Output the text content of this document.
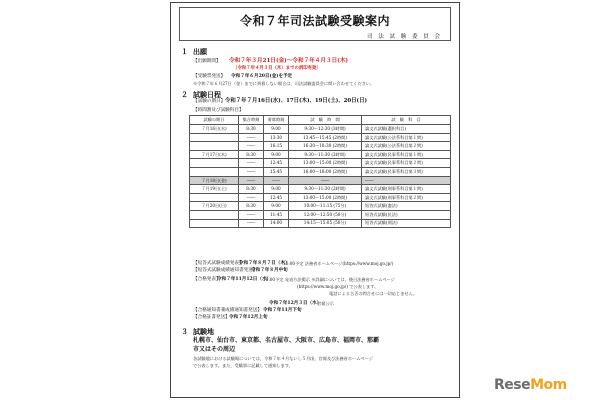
令和７年司法試験受験案内
司 法 試 験 委 員 会
１ 出願
【出願期間】 令和７年３月21日(金)～令和７年４月３日(木)
〔令和７年４月３日（木）までの消印有効〕
【受験票発送】 令和７年６月20日(金)を予定
※令和７年６月27日（金）までに到着しない場合は，司法試験委員会に問い合わせてください。
２ 試験日程
【試験の期日】 令和７年７月16日(水)、17日(木)、19日(土)、20日(日)
【時間割及び試験科目】
試験の期日	集合時刻	着席時刻	試　験　時　間	試　験　科　目
７月16日(水)	8:30	9:00	9:30～12:30 (3時間)	論文式試験(選択科目)
	――	13:30	13:45～15:45 (2時間)	論文式試験(公法系科目第１問)
	――	16:15	16:30～18:30 (2時間)	論文式試験(公法系科目第２問)
７月17日(木)	8:30	9:00	9:30～11:30 (2時間)	論文式試験(民事系科目第１問)
	――	12:45	13:00～15:00 (2時間)	論文式試験(民事系科目第２問)
	――	15:45	16:00～18:00 (2時間)	論文式試験(民事系科目第３問)
７月18日(金)	――	――	――	――
７月19日(土)	8:30	9:00	9:30～11:30 (2時間)	論文式試験(刑事系科目第１問)
	――	12:45	13:00～15:00 (2時間)	論文式試験(刑事系科目第２問)
７月20日(日)	8:30	9:00	10:00～11:15 (75分)	短答式試験(憲法)
	――	11:45	12:00～12:50 (50分)	短答式試験(民法)
	――	14:00	14:15～15:05 (50分)	短答式試験(刑法)
【短答式試験成績発表】
令和７年８月７日（木）
16:00予定 法務省ホームページ(https://www.moj.go.jp/)
【短答式試験成績通知書発送】
令和７年８月中旬
【合格発表】
令和７年11月12日（水）
16:00予定 発表方法掲示 ※詳細については，後日法務省ホームページ
(https://www.moj.go.jp/) で公表します。
電話による合否の問合せには一切応じません。
令和７年12月３日（水）
官報公示
【合格通知書兼成績通知書発送】 令和７年11月下旬
【合格証書発送】 令和７年12月上旬
３ 試験地
札幌市、仙台市、東京都、名古屋市、大阪市、広島市、福岡市、那覇
市又はその周辺
各試験地における試験場については，令和７年４月ないし５月頃，官報及び法務省ホームページ
で公表します。また，受験票に記載して通知します。
ReseMom
